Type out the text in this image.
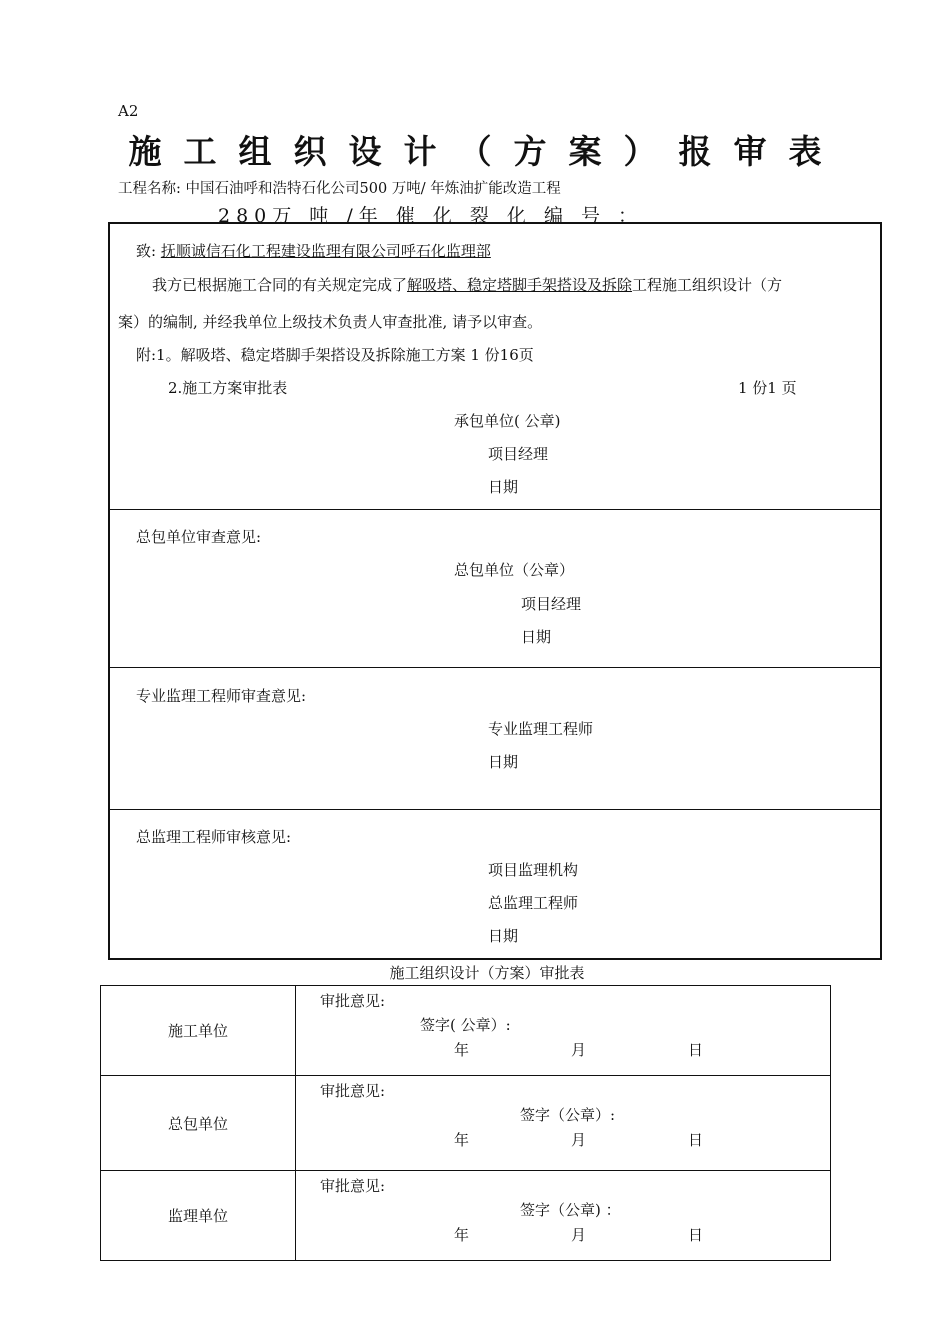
A2
施工组织设计（方案）报审表
工程名称: 中国石油呼和浩特石化公司500 万吨/ 年炼油扩能改造工程
280万 吨 /年 催 化 裂 化 编 号 ：
致: 抚顺诚信石化工程建设监理有限公司呼石化监理部
我方已根据施工合同的有关规定完成了解吸塔、稳定塔脚手架搭设及拆除工程施工组织设计（方
案）的编制, 并经我单位上级技术负责人审查批准, 请予以审查。
附:1。解吸塔、稳定塔脚手架搭设及拆除施工方案 1 份16页
2.施工方案审批表	1 份1 页
承包单位( 公章)
项目经理
日期
总包单位审查意见:
总包单位（公章）
项目经理
日期
专业监理工程师审查意见:
专业监理工程师
日期
总监理工程师审核意见:
项目监理机构
总监理工程师
日期
施工组织设计（方案）审批表
施工单位	审批意见:
签字( 公章）:
年 月 日

总包单位	审批意见:
签字（公章）:
年 月 日

监理单位	审批意见:
签字（公章) ：
年 月 日
